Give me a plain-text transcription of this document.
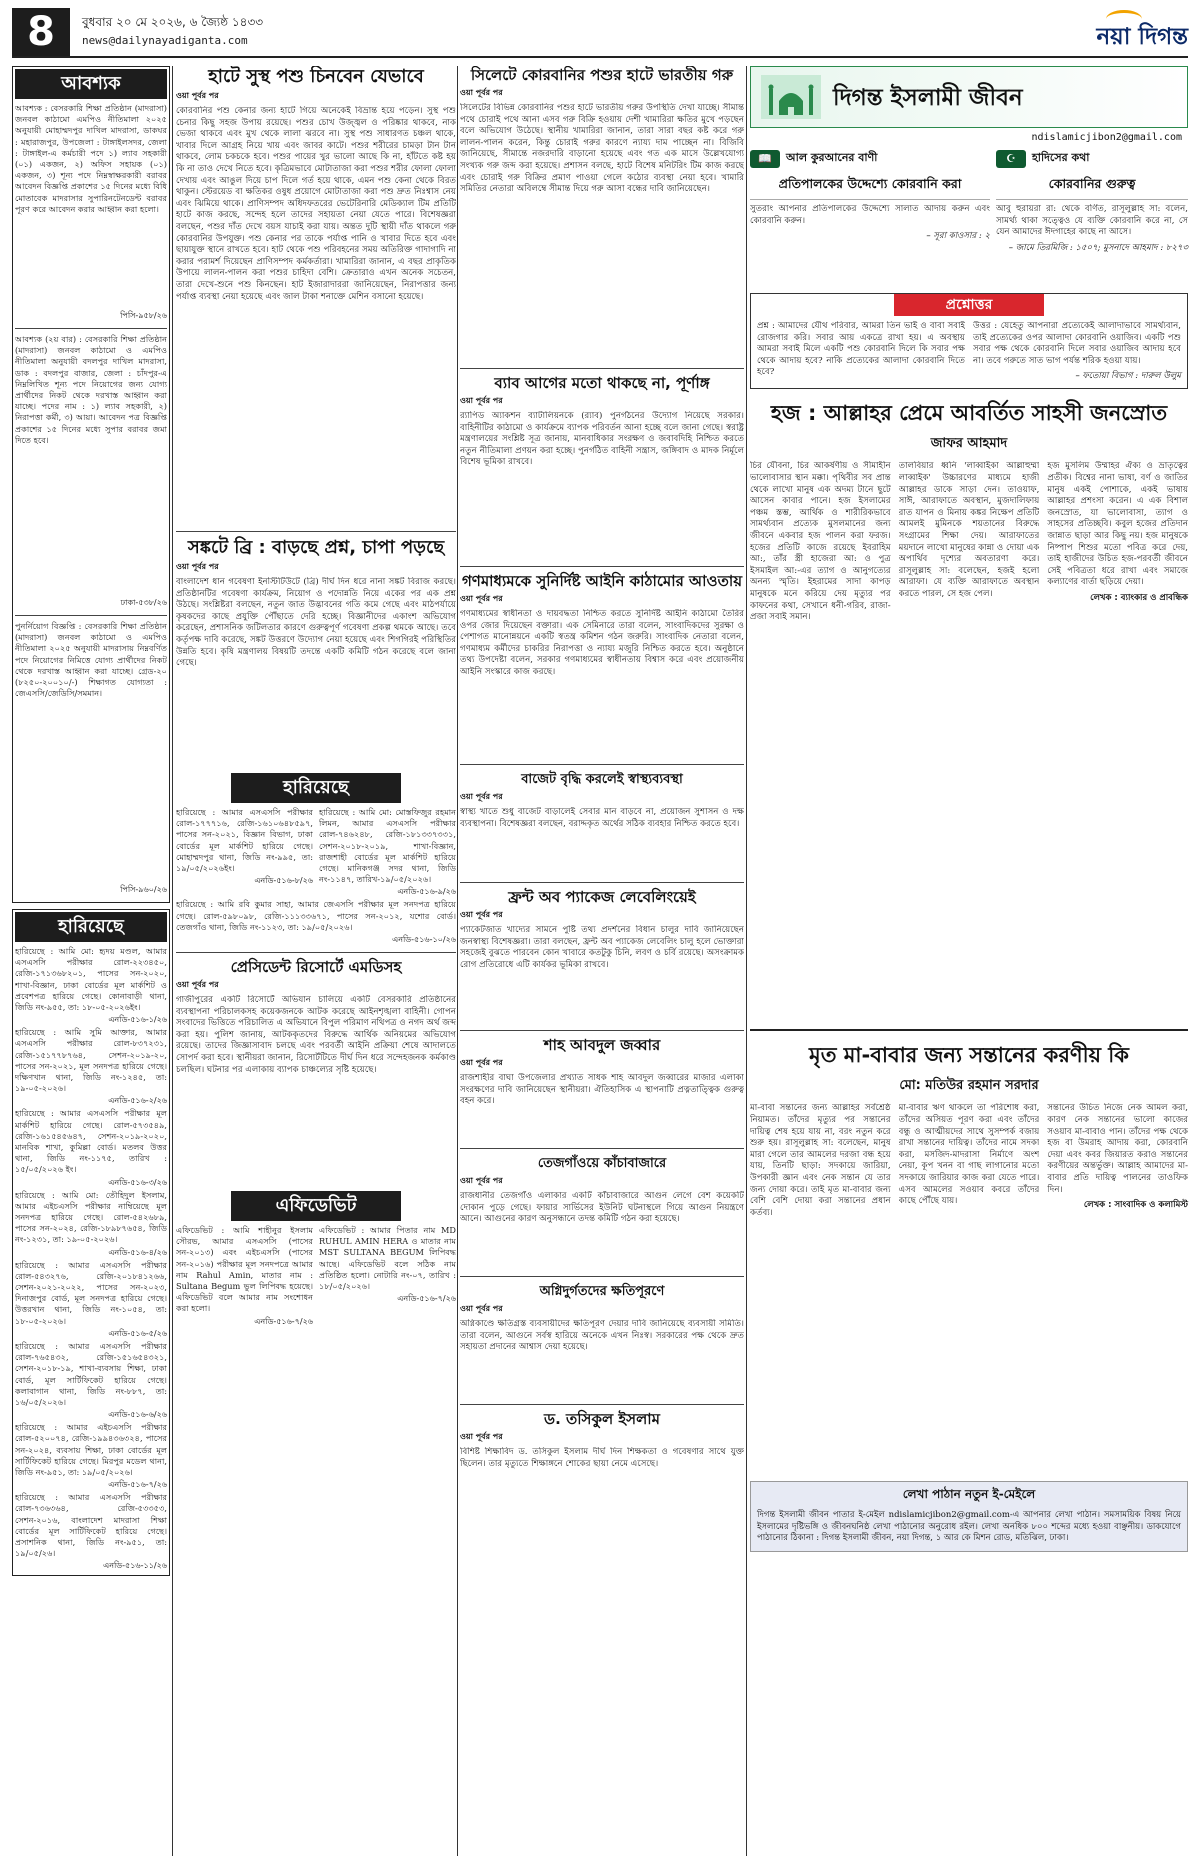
8	বুধবার ২০ মে ২০২৬, ৬ জ্যৈষ্ঠ ১৪৩৩
news@dailynayadiganta.com	নয়া দিগন্ত
আবশ্যক

আবশ্যক : বেসরকারি শিক্ষা প্রতিষ্ঠান (মাদরাসা) জনবল কাঠামো এমপিও নীতিমালা ২০২৫ অনুযায়ী মোহাম্মদপুর দাখিল মাদরাসা, ডাকঘর : মহারাজপুর, উপজেলা : টাঙ্গাইলসদর, জেলা : টাঙ্গাইল-এ কর্মচারী পদে ১) ল্যাব সহকারী (০১) একজন, ২) অফিস সহায়ক (০১) একজন, ৩) শূন্য পদে নিম্নস্বাক্ষরকারী বরাবর আবেদন বিজ্ঞপ্তি প্রকাশের ১৫ দিনের মধ্যে বিধি মোতাবেক মাদরাসার সুপারিনটেনডেন্ট বরাবর পূরণ করে আবেদন করার আহ্বান করা হলো।

পিসি-৯৫৮/২৬

আবশ্যক (২য় বার) : বেসরকারি শিক্ষা প্রতিষ্ঠান (মাদরাসা) জনবল কাঠামো ও এমপিও নীতিমালা অনুযায়ী বদলপুর দাখিল মাদরাসা, ডাক : বদলপুর বাজার, জেলা : চাঁদপুর-এ নিম্নলিখিত শূন্য পদে নিয়োগের জন্য যোগ্য প্রার্থীদের নিকট থেকে দরখাস্ত আহ্বান করা যাচ্ছে। পদের নাম : ১) ল্যাব সহকারী, ২) নিরাপত্তা কর্মী, ৩) আয়া। আবেদন পত্র বিজ্ঞপ্তি প্রকাশের ১৫ দিনের মধ্যে সুপার বরাবর জমা দিতে হবে।

ঢাকা-৫৩৮/২৬

পুনর্নিয়োগ বিজ্ঞপ্তি : বেসরকারি শিক্ষা প্রতিষ্ঠান (মাদরাসা) জনবল কাঠামো ও এমপিও নীতিমালা ২০২৫ অনুযায়ী মাদরাসায় নিম্নবর্ণিত পদে নিয়োগের নিমিত্তে যোগ্য প্রার্থীদের নিকট থেকে দরখাস্ত আহ্বান করা যাচ্ছে। গ্রেড-২০ (৮২৫০-২০০১০/-) শিক্ষাগত যোগ্যতা : জেএসসি/জেডিসি/সমমান।

পিসি-৯৬০/২৬
হারিয়েছে

হারিয়েছে : আমি মো: হৃদয় মণ্ডল, আমার এসএসসি পরীক্ষার রোল-২২৩৪৫০, রেজি-১৭১৩৬৮২০১, পাসের সন-২০২০, শাখা-বিজ্ঞান, ঢাকা বোর্ডের মূল মার্কশিট ও প্রবেশপত্র হারিয়ে গেছে। কোনাবাড়ী থানা, জিডি নং-৯৫৫, তা: ১৮-০৫-২০২৬ইং।

এনডি-৫১৬-১/২৬

হারিয়েছে : আমি সুমি আক্তার, আমার এসএসসি পরীক্ষার রোল-৮৩৭২৩১, রেজি-১৫১৭৭৮৭৬৪, সেশন-২০১৯-২০, পাসের সন-২০২১, মূল সনদপত্র হারিয়ে গেছে। দক্ষিণখান থানা, জিডি নং-১২৪৫, তা: ১৯-০৫-২০২৬।

এনডি-৫১৬-২/২৬

হারিয়েছে : আমার এসএসসি পরীক্ষার মূল মার্কশিট হারিয়ে গেছে। রোল-৫৭৩৫৪৯, রেজি-১৬১৫৪৫৬৪৭, সেশন-২০১৯-২০২০, মানবিক শাখা, কুমিল্লা বোর্ড। মতলব উত্তর থানা, জিডি নং-১১৭৫, তারিখ : ১৫/০৫/২০২৬ ইং।

এনডি-৫১৬-৩/২৬

হারিয়েছে : আমি মো: তৌহিদুল ইসলাম, আমার এইচএসসি পরীক্ষার নাম্বিয়েছে মূল সনদপত্র হারিয়ে গেছে। রোল-৫৪২৬৮৯, পাসের সন-২০২৪, রেজি-১৮৯৮৭৬৫৪, জিডি নং-১২৩১, তা: ১৯-০৫-২০২৬।

এনডি-৫১৬-৪/২৬

হারিয়েছে : আমার এসএসসি পরীক্ষার রোল-৫৪৩২৭৬, রেজি-২০১৮৪১২৬৬, সেশন-২০২১-২০২২, পাসের সন-২০২৩, দিনাজপুর বোর্ড, মূল সনদপত্র হারিয়ে গেছে। উত্তরখান থানা, জিডি নং-১০৫৪, তা: ১৮-০৫-২০২৬।

এনডি-৫১৬-৫/২৬

হারিয়েছে : আমার এসএসসি পরীক্ষার রোল-৭৬৫৪৩২, রেজি-১৫১৬৫৪৩২১, সেশন-২০১৮-১৯, শাখা-ব্যবসায় শিক্ষা, ঢাকা বোর্ড, মূল সার্টিফিকেট হারিয়ে গেছে। কলাবাগান থানা, জিডি নং-৮৮৭, তা: ১৬/০৫/২০২৬।

এনডি-৫১৬-৬/২৬

হারিয়েছে : আমার এইচএসসি পরীক্ষার রোল-৫২০০৭৪, রেজি-১৯৯৪৩৬৩২৪, পাসের সন-২০২৪, ব্যবসায় শিক্ষা, ঢাকা বোর্ডের মূল সার্টিফিকেট হারিয়ে গেছে। মিরপুর মডেল থানা, জিডি নং-৯৫১, তা: ১৯/০৫/২০২৬।

এনডি-৫১৬-৭/২৬

হারিয়েছে : আমার এসএসসি পরীক্ষার রোল-৭৩৬৩৬৪, রেজি-৫৩৩৫৩, সেশন-২০১৬, বাংলাদেশ মাদরাসা শিক্ষা বোর্ডের মূল সার্টিফিকেট হারিয়ে গেছে। প্রসাশনিক থানা, জিডি নং-৯৫১, তা: ১৯/০৫/২৬।

এনডি-৫১৬-১১/২৬
হাটে সুস্থ পশু চিনবেন যেভাবে
ওয়া পূর্বর পর

কোরবানির পশু কেনার জন্য হাটে গিয়ে অনেকেই বিভ্রান্ত হয়ে পড়েন। সুস্থ পশু চেনার কিছু সহজ উপায় রয়েছে। পশুর চোখ উজ্জ্বল ও পরিষ্কার থাকবে, নাক ভেজা থাকবে এবং মুখ থেকে লালা ঝরবে না। সুস্থ পশু সাধারণত চঞ্চল থাকে, খাবার দিলে আগ্রহ নিয়ে খায় এবং জাবর কাটে। পশুর শরীরের চামড়া টান টান থাকবে, লোম চকচকে হবে। পশুর পায়ের খুর ভালো আছে কি না, হাঁটতে কষ্ট হয় কি না তাও দেখে নিতে হবে। কৃত্রিমভাবে মোটাতাজা করা পশুর শরীর ফোলা ফোলা দেখায় এবং আঙুল দিয়ে চাপ দিলে গর্ত হয়ে থাকে, এমন পশু কেনা থেকে বিরত থাকুন। স্টেরয়েড বা ক্ষতিকর ওষুধ প্রয়োগে মোটাতাজা করা পশু দ্রুত নিঃশ্বাস নেয় এবং ঝিমিয়ে থাকে। প্রাণিসম্পদ অধিদফতরের ভেটেরিনারি মেডিক্যাল টিম প্রতিটি হাটে কাজ করছে, সন্দেহ হলে তাদের সহায়তা নেয়া যেতে পারে। বিশেষজ্ঞরা বলছেন, পশুর দাঁত দেখে বয়স যাচাই করা যায়। অন্তত দুটি স্থায়ী দাঁত থাকলে গরু কোরবানির উপযুক্ত। পশু কেনার পর তাকে পর্যাপ্ত পানি ও খাবার দিতে হবে এবং ছায়াযুক্ত স্থানে রাখতে হবে। হাট থেকে পশু পরিবহনের সময় অতিরিক্ত গাদাগাদি না করার পরামর্শ দিয়েছেন প্রাণিসম্পদ কর্মকর্তারা। খামারিরা জানান, এ বছর প্রাকৃতিক উপায়ে লালন-পালন করা পশুর চাহিদা বেশি। ক্রেতারাও এখন অনেক সচেতন, তারা দেখে-শুনে পশু কিনছেন। হাট ইজারাদাররা জানিয়েছেন, নিরাপত্তার জন্য পর্যাপ্ত ব্যবস্থা নেয়া হয়েছে এবং জাল টাকা শনাক্তে মেশিন বসানো হয়েছে।

সঙ্কটে ব্রি : বাড়ছে প্রশ্ন, চাপা পড়ছে
ওয়া পূর্বর পর

বাংলাদেশ ধান গবেষণা ইনস্টিটিউটে (ব্রি) দীর্ঘ দিন ধরে নানা সঙ্কট বিরাজ করছে। প্রতিষ্ঠানটির গবেষণা কার্যক্রম, নিয়োগ ও পদোন্নতি নিয়ে একের পর এক প্রশ্ন উঠছে। সংশ্লিষ্টরা বলছেন, নতুন জাত উদ্ভাবনের গতি কমে গেছে এবং মাঠপর্যায়ে কৃষকদের কাছে প্রযুক্তি পৌঁছাতে দেরি হচ্ছে। বিজ্ঞানীদের একাংশ অভিযোগ করেছেন, প্রশাসনিক জটিলতার কারণে গুরুত্বপূর্ণ গবেষণা প্রকল্প থমকে আছে। তবে কর্তৃপক্ষ দাবি করেছে, সঙ্কট উত্তরণে উদ্যোগ নেয়া হয়েছে এবং শিগগিরই পরিস্থিতির উন্নতি হবে। কৃষি মন্ত্রণালয় বিষয়টি তদন্তে একটি কমিটি গঠন করেছে বলে জানা গেছে।

হারিয়েছে

হারিয়েছে : আমার এসএসসি পরীক্ষার রোল-১৭৭৭১৬, রেজি-১৬১০৬৪৮৫৯৭, পাসের সন-২০২১, বিজ্ঞান বিভাগ, ঢাকা বোর্ডের মূল মার্কশিট হারিয়ে গেছে। মোহাম্মদপুর থানা, জিডি নং-৯৯৫, তা: ১৯/০৫/২০২৬ইং।

এনডি-৫১৬-৮/২৬

হারিয়েছে : আমি মো: মোস্তফিজুর রহমান লিমন, আমার এসএসসি পরীক্ষার রোল-৭৪৬২৪৮, রেজি-১৮১৩৩৭৩৩১, সেশন-২০১৮-২০১৯, শাখা-বিজ্ঞান, রাজশাহী বোর্ডের মূল মার্কশিট হারিয়ে গেছে। মানিকগঞ্জ সদর থানা, জিডি নং-১১৪৭, তারিখ-১৯/০৫/২০২৬।

এনডি-৫১৬-৯/২৬

হারিয়েছে : আমি রবি কুমার সাহা, আমার জেএসসি পরীক্ষার মূল সনদপত্র হারিয়ে গেছে। রোল-৫৯৮০৯৮, রেজি-১১১৩৩৬৭১, পাসের সন-২০১২, যশোর বোর্ড। তেজগাঁও থানা, জিডি নং-১১২৩, তা: ১৯/০৫/২০২৬।

এনডি-৫১৬-১০/২৬
প্রেসিডেন্ট রিসোর্টে এমডিসহ
ওয়া পূর্বর পর

গাজীপুরের একটি রিসোর্টে অভিযান চালিয়ে একটি বেসরকারি প্রতিষ্ঠানের ব্যবস্থাপনা পরিচালকসহ কয়েকজনকে আটক করেছে আইনশৃঙ্খলা বাহিনী। গোপন সংবাদের ভিত্তিতে পরিচালিত এ অভিযানে বিপুল পরিমাণ নথিপত্র ও নগদ অর্থ জব্দ করা হয়। পুলিশ জানায়, আটককৃতদের বিরুদ্ধে আর্থিক অনিয়মের অভিযোগ রয়েছে। তাদের জিজ্ঞাসাবাদ চলছে এবং পরবর্তী আইনি প্রক্রিয়া শেষে আদালতে সোপর্দ করা হবে। স্থানীয়রা জানান, রিসোর্টটিতে দীর্ঘ দিন ধরে সন্দেহজনক কর্মকাণ্ড চলছিল। ঘটনার পর এলাকায় ব্যাপক চাঞ্চল্যের সৃষ্টি হয়েছে।

এফিডেভিট

এফিডেভিট : আমি শাহীনুর ইসলাম সৌরভ, আমার এসএসসি (পাসের সন-২০১৩) এবং এইচএসসি (পাসের সন-২০১৬) পরীক্ষার মূল সনদপত্রে আমার নাম Rahul Amin, মাতার নাম : Sultana Begum ভুল লিপিবদ্ধ হয়েছে। এফিডেভিট বলে আমার নাম সংশোধন করা হলো।

এনডি-৫১৬-৭/২৬

এফিডেভিট : আমার পিতার নাম MD RUHUL AMIN HERA ও মাতার নাম MST SULTANA BEGUM লিপিবদ্ধ আছে। এফিডেভিট বলে সঠিক নাম প্রতিষ্ঠিত হলো। নোটারি নং-০৭, তারিখ : ১৮/০৫/২০২৬।

এনডি-৫১৬-৭/২৬
সিলেটে কোরবানির পশুর হাটে ভারতীয় গরু
ওয়া পূর্বর পর

সিলেটের বিভিন্ন কোরবানির পশুর হাটে ভারতীয় গরুর উপস্থিতি দেখা যাচ্ছে। সীমান্ত পথে চোরাই পথে আনা এসব গরু বিক্রি হওয়ায় দেশী খামারিরা ক্ষতির মুখে পড়ছেন বলে অভিযোগ উঠেছে। স্থানীয় খামারিরা জানান, তারা সারা বছর কষ্ট করে গরু লালন-পালন করেন, কিন্তু চোরাই গরুর কারণে ন্যায্য দাম পাচ্ছেন না। বিজিবি জানিয়েছে, সীমান্তে নজরদারি বাড়ানো হয়েছে এবং গত এক মাসে উল্লেখযোগ্য সংখ্যক গরু জব্দ করা হয়েছে। প্রশাসন বলছে, হাটে বিশেষ মনিটরিং টিম কাজ করছে এবং চোরাই গরু বিক্রির প্রমাণ পাওয়া গেলে কঠোর ব্যবস্থা নেয়া হবে। খামারি সমিতির নেতারা অবিলম্বে সীমান্ত দিয়ে গরু আসা বন্ধের দাবি জানিয়েছেন।

ব্যাব আগের মতো থাকছে না, পূর্ণাঙ্গ
ওয়া পূর্বর পর

র‍্যাপিড অ্যাকশন ব্যাটালিয়নকে (র‍্যাব) পুনর্গঠনের উদ্যোগ নিয়েছে সরকার। বাহিনীটির কাঠামো ও কার্যক্রমে ব্যাপক পরিবর্তন আনা হচ্ছে বলে জানা গেছে। স্বরাষ্ট্র মন্ত্রণালয়ের সংশ্লিষ্ট সূত্র জানায়, মানবাধিকার সংরক্ষণ ও জবাবদিহি নিশ্চিত করতে নতুন নীতিমালা প্রণয়ন করা হচ্ছে। পুনর্গঠিত বাহিনী সন্ত্রাস, জঙ্গিবাদ ও মাদক নির্মূলে বিশেষ ভূমিকা রাখবে।

গণমাধ্যমকে সুনির্দিষ্ট আইনি কাঠামোর আওতায়
ওয়া পূর্বর পর

গণমাধ্যমের স্বাধীনতা ও দায়বদ্ধতা নিশ্চিত করতে সুনির্দিষ্ট আইনি কাঠামো তৈরির ওপর জোর দিয়েছেন বক্তারা। এক সেমিনারে তারা বলেন, সাংবাদিকদের সুরক্ষা ও পেশাগত মানোন্নয়নে একটি স্বতন্ত্র কমিশন গঠন জরুরি। সাংবাদিক নেতারা বলেন, গণমাধ্যম কর্মীদের চাকরির নিরাপত্তা ও ন্যায্য মজুরি নিশ্চিত করতে হবে। অনুষ্ঠানে তথ্য উপদেষ্টা বলেন, সরকার গণমাধ্যমের স্বাধীনতায় বিশ্বাস করে এবং প্রয়োজনীয় আইনি সংস্কারে কাজ করছে।

বাজেট বৃদ্ধি করলেই স্বাস্থ্যব্যবস্থা
ওয়া পূর্বর পর

স্বাস্থ্য খাতে শুধু বাজেট বাড়ালেই সেবার মান বাড়বে না, প্রয়োজন সুশাসন ও দক্ষ ব্যবস্থাপনা। বিশেষজ্ঞরা বলছেন, বরাদ্দকৃত অর্থের সঠিক ব্যবহার নিশ্চিত করতে হবে।

ফ্রন্ট অব প্যাকেজ লেবেলিংয়েই
ওয়া পূর্বর পর

প্যাকেটজাত খাদ্যের সামনে পুষ্টি তথ্য প্রদর্শনের বিধান চালুর দাবি জানিয়েছেন জনস্বাস্থ্য বিশেষজ্ঞরা। তারা বলছেন, ফ্রন্ট অব প্যাকেজ লেবেলিং চালু হলে ভোক্তারা সহজেই বুঝতে পারবেন কোন খাবারে কতটুকু চিনি, লবণ ও চর্বি রয়েছে। অসংক্রামক রোগ প্রতিরোধে এটি কার্যকর ভূমিকা রাখবে।

শাহ আবদুল জব্বার
ওয়া পূর্বর পর

রাজশাহীর বাঘা উপজেলার প্রখ্যাত সাধক শাহ আবদুল জব্বারের মাজার এলাকা সংরক্ষণের দাবি জানিয়েছেন স্থানীয়রা। ঐতিহাসিক এ স্থাপনাটি প্রত্নতাত্ত্বিক গুরুত্ব বহন করে।

তেজগাঁওয়ে কাঁচাবাজারে
ওয়া পূর্বর পর

রাজধানীর তেজগাঁও এলাকার একটি কাঁচাবাজারে আগুন লেগে বেশ কয়েকটি দোকান পুড়ে গেছে। ফায়ার সার্ভিসের ইউনিট ঘটনাস্থলে গিয়ে আগুন নিয়ন্ত্রণে আনে। আগুনের কারণ অনুসন্ধানে তদন্ত কমিটি গঠন করা হয়েছে।

অগ্নিদুর্গতদের ক্ষতিপূরণে
ওয়া পূর্বর পর

অগ্নিকাণ্ডে ক্ষতিগ্রস্ত ব্যবসায়ীদের ক্ষতিপূরণ দেয়ার দাবি জানিয়েছে ব্যবসায়ী সমিতি। তারা বলেন, আগুনে সর্বস্ব হারিয়ে অনেকে এখন নিঃস্ব। সরকারের পক্ষ থেকে দ্রুত সহায়তা প্রদানের আশ্বাস দেয়া হয়েছে।

ড. তসিকুল ইসলাম
ওয়া পূর্বর পর

বিশিষ্ট শিক্ষাবিদ ড. তসিকুল ইসলাম দীর্ঘ দিন শিক্ষকতা ও গবেষণার সাথে যুক্ত ছিলেন। তার মৃত্যুতে শিক্ষাঙ্গনে শোকের ছায়া নেমে এসেছে।

দিগন্ত ইসলামী জীবন
ndislamicjibon2@gmail.com
📖	আল কুরআনের বাণী
প্রতিপালকের উদ্দেশ্যে কোরবানি করা

সুতরাং আপনার প্রতিপালকের উদ্দেশ্যে সালাত আদায় করুন এবং কোরবানি করুন।

– সূরা কাওসার : ২
☪	হাদিসের কথা
কোরবানির গুরুত্ব

আবু হুরায়রা রা: থেকে বর্ণিত, রাসূলুল্লাহ সা: বলেন, সামর্থ্য থাকা সত্ত্বেও যে ব্যক্তি কোরবানি করে না, সে যেন আমাদের ঈদগাহের কাছে না আসে।

– জামে তিরমিজি : ১৫০৭; মুসনাদে আহমাদ : ৮২৭৩
প্রশ্নোত্তর

প্রশ্ন : আমাদের যৌথ পরিবার, আমরা তিন ভাই ও বাবা সবাই রোজগার করি। সবার আয় একত্রে রাখা হয়। এ অবস্থায় আমরা সবাই মিলে একটি পশু কোরবানি দিলে কি সবার পক্ষ থেকে আদায় হবে? নাকি প্রত্যেকের আলাদা কোরবানি দিতে হবে?

উত্তর : যেহেতু আপনারা প্রত্যেকেই আলাদাভাবে সামর্থ্যবান, তাই প্রত্যেকের ওপর আলাদা কোরবানি ওয়াজিব। একটি পশু সবার পক্ষ থেকে কোরবানি দিলে সবার ওয়াজিব আদায় হবে না। তবে গরুতে সাত ভাগ পর্যন্ত শরিক হওয়া যায়।

– ফতোয়া বিভাগ : দারুল উলুম
হজ : আল্লাহর প্রেমে আবর্তিত সাহসী জনস্রোত
জাফর আহমাদ

চির যৌবনা, চির আকর্ষণীয় ও সীমাহীন ভালোবাসার স্থান মক্কা। পৃথিবীর সব প্রান্ত থেকে লাখো মানুষ এক অদম্য টানে ছুটে আসেন কাবার পানে। হজ ইসলামের পঞ্চম স্তম্ভ, আর্থিক ও শারীরিকভাবে সামর্থ্যবান প্রত্যেক মুসলমানের জন্য জীবনে একবার হজ পালন করা ফরজ। হজের প্রতিটি কাজে রয়েছে ইবরাহিম আ:, তাঁর স্ত্রী হাজেরা আ: ও পুত্র ইসমাইল আ:-এর ত্যাগ ও আনুগত্যের অনন্য স্মৃতি। ইহরামের সাদা কাপড় মানুষকে মনে করিয়ে দেয় মৃত্যুর পর কাফনের কথা, সেখানে ধনী-গরিব, রাজা-প্রজা সবাই সমান।

তালবিয়ার ধ্বনি 'লাব্বাইকা আল্লাহুম্মা লাব্বাইক' উচ্চারণের মাধ্যমে হাজী আল্লাহর ডাকে সাড়া দেন। তাওয়াফ, সাঈ, আরাফাতে অবস্থান, মুজদালিফায় রাত যাপন ও মিনায় কঙ্কর নিক্ষেপ প্রতিটি আমলই মুমিনকে শয়তানের বিরুদ্ধে সংগ্রামের শিক্ষা দেয়। আরাফাতের ময়দানে লাখো মানুষের কান্না ও দোয়া এক অপার্থিব দৃশ্যের অবতারণা করে। রাসূলুল্লাহ সা: বলেছেন, হজই হলো আরাফা। যে ব্যক্তি আরাফাতে অবস্থান করতে পারল, সে হজ পেল।

হজ মুসলিম উম্মাহর ঐক্য ও ভ্রাতৃত্বের প্রতীক। বিশ্বের নানা ভাষা, বর্ণ ও জাতির মানুষ একই পোশাকে, একই ভাষায় আল্লাহর প্রশংসা করেন। এ এক বিশাল জনস্রোত, যা ভালোবাসা, ত্যাগ ও সাহসের প্রতিচ্ছবি। কবুল হজের প্রতিদান জান্নাত ছাড়া আর কিছু নয়। হজ মানুষকে নিষ্পাপ শিশুর মতো পবিত্র করে দেয়, তাই হাজীদের উচিত হজ-পরবর্তী জীবনে সেই পবিত্রতা ধরে রাখা এবং সমাজে কল্যাণের বার্তা ছড়িয়ে দেয়া।

লেখক : ব্যাংকার ও প্রাবন্ধিক
মৃত মা-বাবার জন্য সন্তানের করণীয় কি
মো: মতিউর রহমান সরদার

মা-বাবা সন্তানের জন্য আল্লাহর সর্বশ্রেষ্ঠ নিয়ামত। তাঁদের মৃত্যুর পর সন্তানের দায়িত্ব শেষ হয়ে যায় না, বরং নতুন করে শুরু হয়। রাসূলুল্লাহ সা: বলেছেন, মানুষ মারা গেলে তার আমলের দরজা বন্ধ হয়ে যায়, তিনটি ছাড়া: সদকায়ে জারিয়া, উপকারী জ্ঞান এবং নেক সন্তান যে তার জন্য দোয়া করে। তাই মৃত মা-বাবার জন্য বেশি বেশি দোয়া করা সন্তানের প্রধান কর্তব্য।

মা-বাবার ঋণ থাকলে তা পরিশোধ করা, তাঁদের অসিয়ত পূরণ করা এবং তাঁদের বন্ধু ও আত্মীয়দের সাথে সুসম্পর্ক বজায় রাখা সন্তানের দায়িত্ব। তাঁদের নামে সদকা করা, মসজিদ-মাদরাসা নির্মাণে অংশ নেয়া, কূপ খনন বা গাছ লাগানোর মতো সদকায়ে জারিয়ার কাজ করা যেতে পারে। এসব আমলের সওয়াব কবরে তাঁদের কাছে পৌঁছে যায়।

সন্তানের উচিত নিজে নেক আমল করা, কারণ নেক সন্তানের ভালো কাজের সওয়াব মা-বাবাও পান। তাঁদের পক্ষ থেকে হজ বা উমরাহ আদায় করা, কোরবানি দেয়া এবং কবর জিয়ারত করাও সন্তানের করণীয়ের অন্তর্ভুক্ত। আল্লাহ আমাদের মা-বাবার প্রতি দায়িত্ব পালনের তাওফিক দিন।

লেখক : সাংবাদিক ও কলামিস্ট
লেখা পাঠান নতুন ই-মেইলে

দিগন্ত ইসলামী জীবন পাতার ই-মেইল ndislamicjibon2@gmail.com-এ আপনার লেখা পাঠান। সমসাময়িক বিষয় নিয়ে ইসলামের দৃষ্টিভঙ্গি ও জীবনঘনিষ্ঠ লেখা পাঠানোর অনুরোধ রইল। লেখা অনধিক ৮০০ শব্দের মধ্যে হওয়া বাঞ্ছনীয়। ডাকযোগে পাঠানোর ঠিকানা : দিগন্ত ইসলামী জীবন, নয়া দিগন্ত, ১ আর কে মিশন রোড, মতিঝিল, ঢাকা।
